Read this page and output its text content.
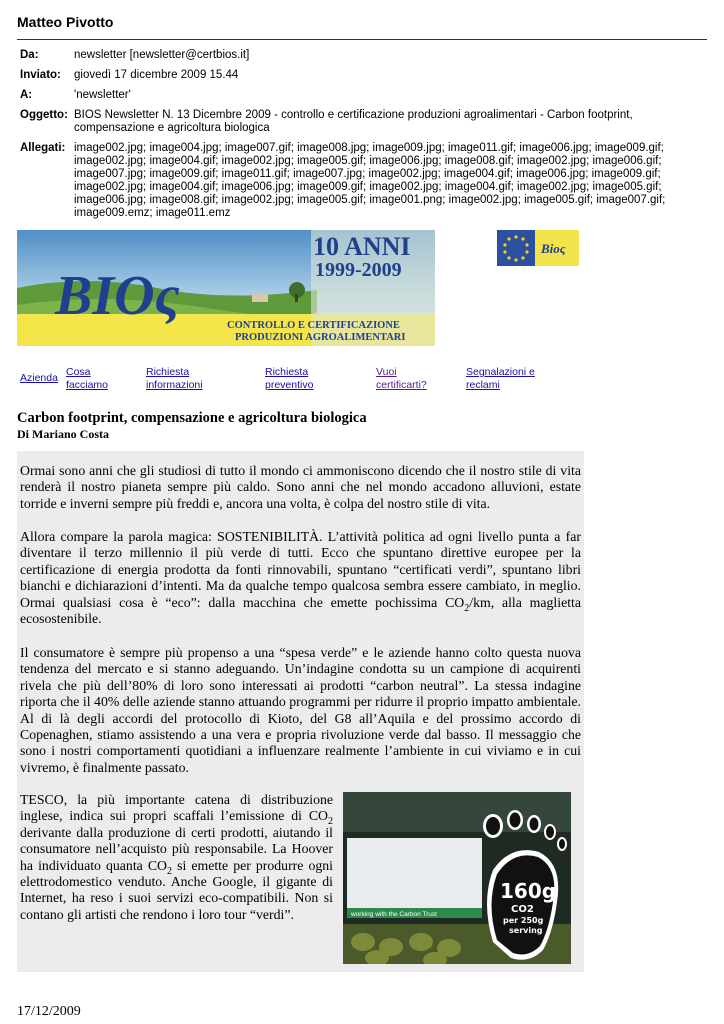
Matteo Pivotto
Da:	newsletter [newsletter@certbios.it]
Inviato:	giovedì 17 dicembre 2009 15.44
A:	'newsletter'
Oggetto:	BIOS Newsletter N. 13 Dicembre 2009 - controllo e certificazione produzioni agroalimentari - Carbon footprint, compensazione e agricoltura biologica
Allegati:	image002.jpg; image004.jpg; image007.gif; image008.jpg; image009.jpg; image011.gif; image006.jpg; image009.gif; image002.jpg; image004.gif; image002.jpg; image005.gif; image006.jpg; image008.gif; image002.jpg; image006.gif; image007.jpg; image009.gif; image011.gif; image007.jpg; image002.jpg; image004.gif; image006.jpg; image009.gif; image002.jpg; image004.gif; image006.jpg; image009.gif; image002.jpg; image004.gif; image002.jpg; image005.gif; image006.jpg; image008.gif; image002.jpg; image005.gif; image001.png; image002.jpg; image005.gif; image007.gif; image009.emz; image011.emz
10 ANNI
1999-2009
BIOς	CONTROLLO E CERTIFICAZIONE
PRODUZIONI AGROALIMENTARI
Bioς
Azienda Cosa
facciamo
Richiesta
informazioni
Richiesta
preventivo
Vuoi
certificarti?
Segnalazioni e
reclami
Carbon footprint, compensazione e agricoltura biologica
Di Mariano Costa

Ormai sono anni che gli studiosi di tutto il mondo ci ammoniscono dicendo che il nostro stile di vita renderà il nostro pianeta sempre più caldo. Sono anni che nel mondo accadono alluvioni, estate torride e inverni sempre più freddi e, ancora una volta, è colpa del nostro stile di vita.

Allora compare la parola magica: SOSTENIBILITÀ. L’attività politica ad ogni livello punta a far diventare il terzo millennio il più verde di tutti. Ecco che spuntano direttive europee per la certificazione di energia prodotta da fonti rinnovabili, spuntano “certificati verdi”, spuntano libri bianchi e dichiarazioni d’intenti. Ma da qualche tempo qualcosa sembra essere cambiato, in meglio. Ormai qualsiasi cosa è “eco”: dalla macchina che emette pochissima $CO_2/km$, alla maglietta ecosostenibile.

Il consumatore è sempre più propenso a una “spesa verde” e le aziende hanno colto questa nuova tendenza del mercato e si stanno adeguando. Un’indagine condotta su un campione di acquirenti rivela che più dell’80% di loro sono interessati ai prodotti “carbon neutral”. La stessa indagine riporta che il 40% delle aziende stanno attuando programmi per ridurre il proprio impatto ambientale. Al di là degli accordi del protocollo di Kioto, del G8 all’Aquila e del prossimo accordo di Copenaghen, stiamo assistendo a una vera e propria rivoluzione verde dal basso. Il messaggio che sono i nostri comportamenti quotidiani a influenzare realmente l’ambiente in cui viviamo e in cui vivremo, è finalmente passato.

TESCO, la più importante catena di distribuzione inglese, indica sui propri scaffali l’emissione di $CO_2$ derivante dalla produzione di certi prodotti, aiutando il consumatore nell’acquisto più responsabile. La Hoover ha individuato quanta $CO_2$ si emette per produrre ogni elettrodomestico venduto. Anche Google, il gigante di Internet, ha reso i suoi servizi eco-compatibili. Non si contano gli artisti che rendono i loro tour “verdi”.	working with the Carbon Trust
160g
CO2
per 250g
serving
17/12/2009
